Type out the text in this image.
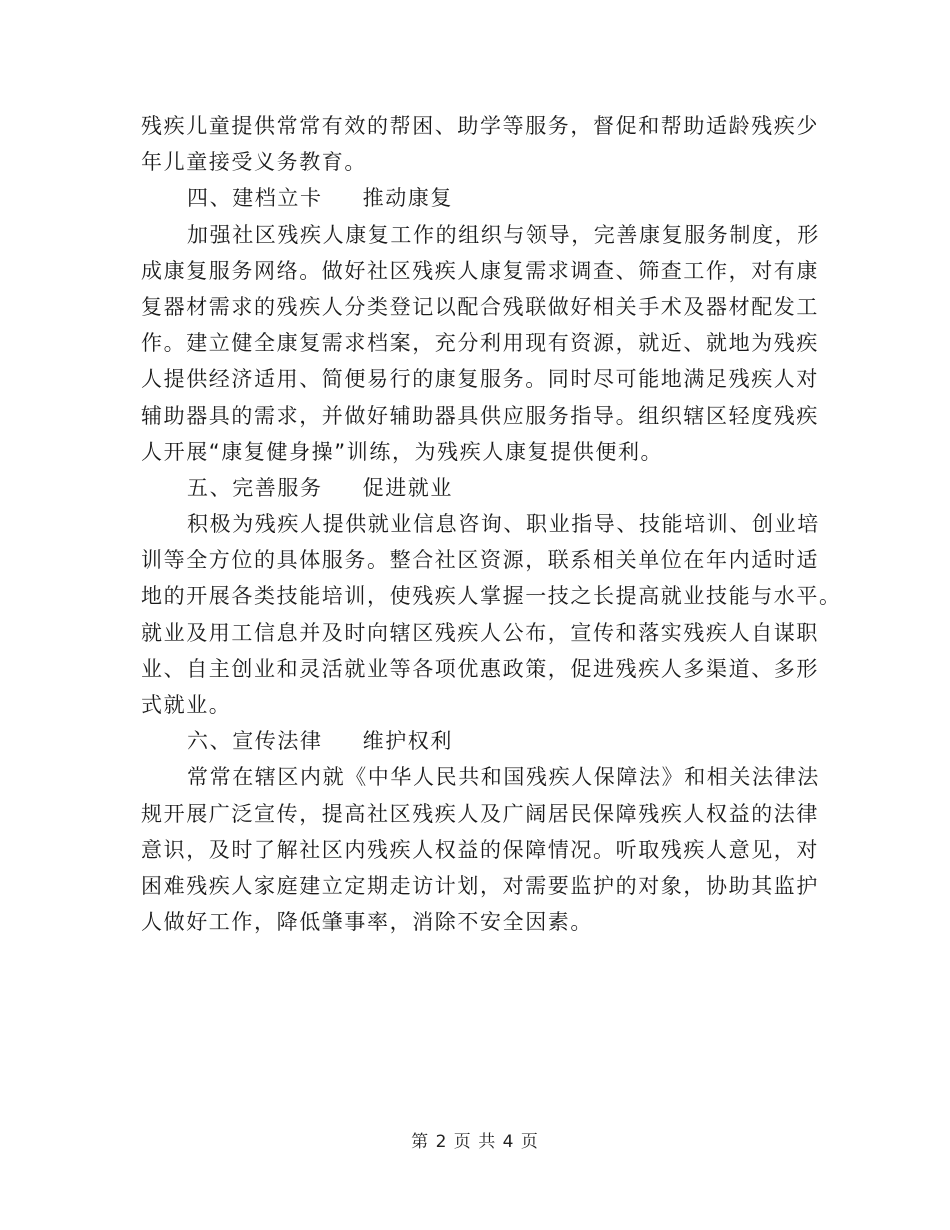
残疾儿童提供常常有效的帮困、助学等服务，督促和帮助适龄残疾少
年儿童接受义务教育。
四、建档立卡 推动康复
加强社区残疾人康复工作的组织与领导，完善康复服务制度，形
成康复服务网络。做好社区残疾人康复需求调查、筛查工作，对有康
复器材需求的残疾人分类登记以配合残联做好相关手术及器材配发工
作。建立健全康复需求档案，充分利用现有资源，就近、就地为残疾
人提供经济适用、简便易行的康复服务。同时尽可能地满足残疾人对
辅助器具的需求，并做好辅助器具供应服务指导。组织辖区轻度残疾
人开展“康复健身操”训练，为残疾人康复提供便利。
五、完善服务 促进就业
积极为残疾人提供就业信息咨询、职业指导、技能培训、创业培
训等全方位的具体服务。整合社区资源，联系相关单位在年内适时适
地的开展各类技能培训，使残疾人掌握一技之长提高就业技能与水平。
就业及用工信息并及时向辖区残疾人公布，宣传和落实残疾人自谋职
业、自主创业和灵活就业等各项优惠政策，促进残疾人多渠道、多形
式就业。
六、宣传法律 维护权利
常常在辖区内就《中华人民共和国残疾人保障法》和相关法律法
规开展广泛宣传，提高社区残疾人及广阔居民保障残疾人权益的法律
意识，及时了解社区内残疾人权益的保障情况。听取残疾人意见，对
困难残疾人家庭建立定期走访计划，对需要监护的对象，协助其监护
人做好工作，降低肇事率，消除不安全因素。
第 2 页 共 4 页
